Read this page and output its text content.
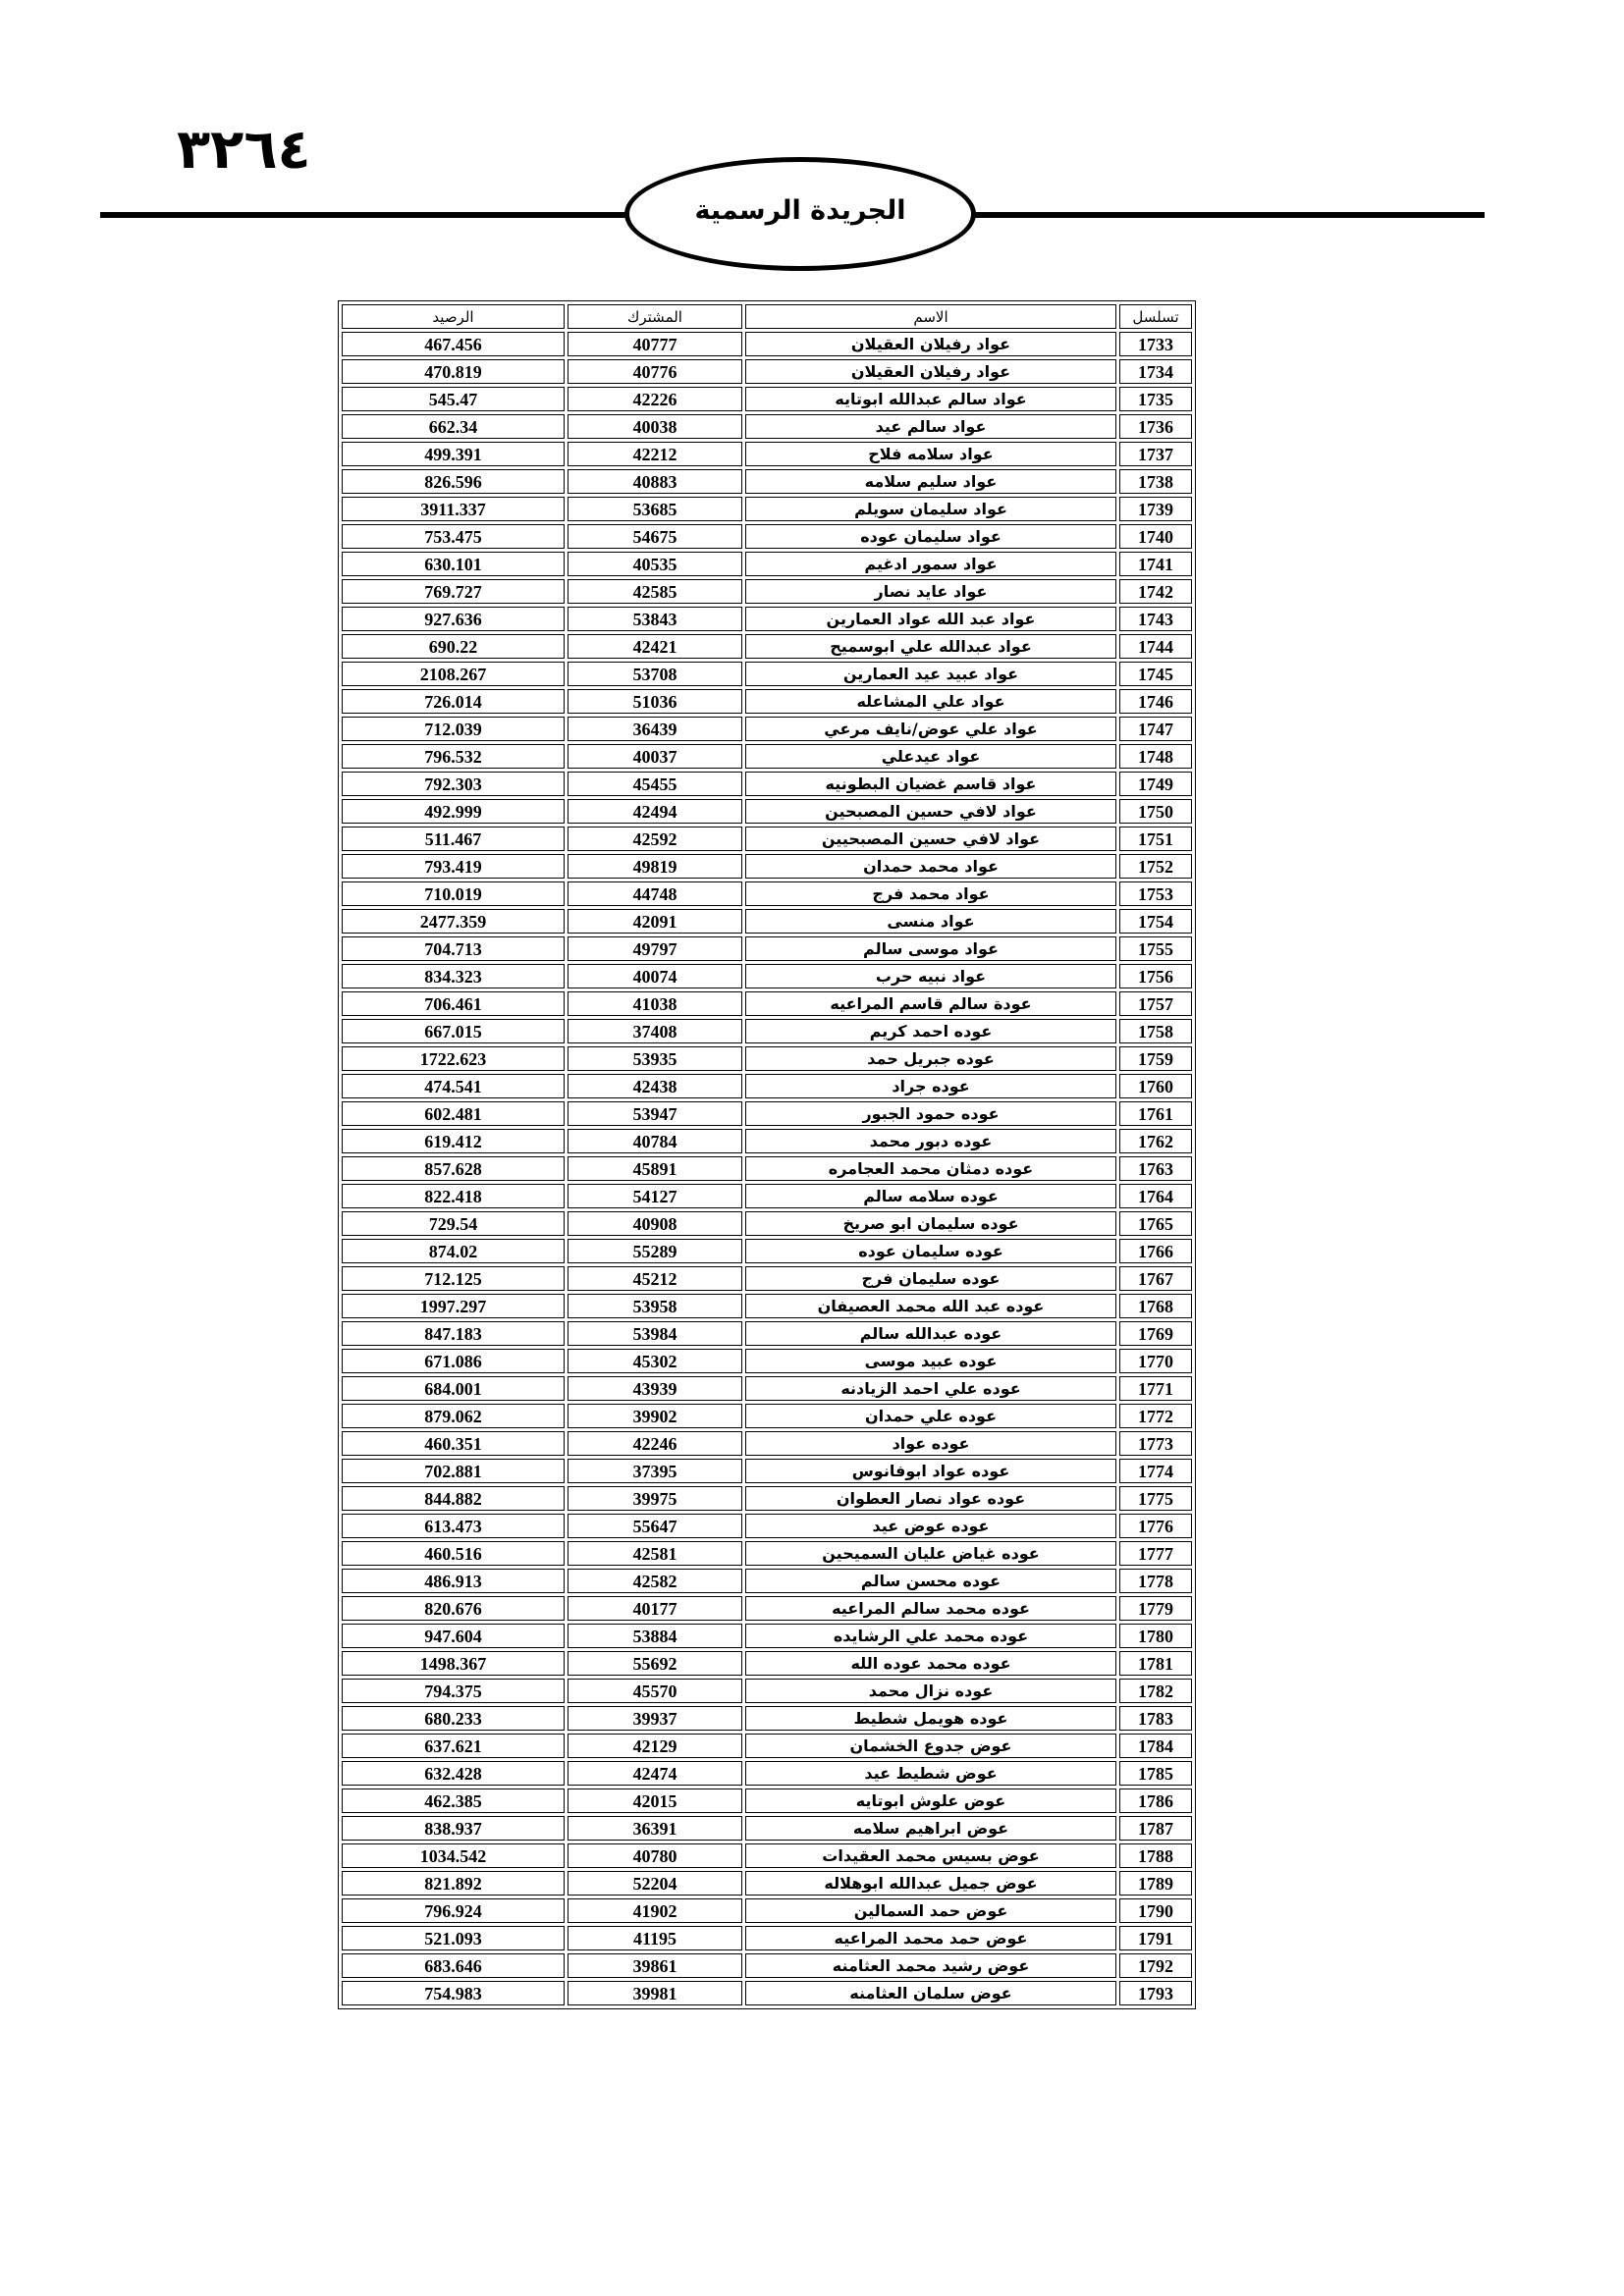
٣٢٦٤
الجريدة الرسمية
تسلسل	الاسم	المشترك	الرصيد
1733	عواد رفيلان العقيلان	40777	467.456
1734	عواد رفيلان العقيلان	40776	470.819
1735	عواد سالم عبدالله ابوتايه	42226	545.47
1736	عواد سالم عيد	40038	662.34
1737	عواد سلامه فلاح	42212	499.391
1738	عواد سليم سلامه	40883	826.596
1739	عواد سليمان سويلم	53685	3911.337
1740	عواد سليمان عوده	54675	753.475
1741	عواد سمور ادغيم	40535	630.101
1742	عواد عايد نصار	42585	769.727
1743	عواد عبد الله عواد العمارين	53843	927.636
1744	عواد عبدالله علي ابوسميح	42421	690.22
1745	عواد عبيد عيد العمارين	53708	2108.267
1746	عواد علي المشاعله	51036	726.014
1747	عواد علي عوض/نايف مرعي	36439	712.039
1748	عواد عيدعلي	40037	796.532
1749	عواد قاسم غضيان البطونيه	45455	792.303
1750	عواد لافي حسين المصبحين	42494	492.999
1751	عواد لافي حسين المصبحيين	42592	511.467
1752	عواد محمد حمدان	49819	793.419
1753	عواد محمد فرج	44748	710.019
1754	عواد منسى	42091	2477.359
1755	عواد موسى سالم	49797	704.713
1756	عواد نبيه حرب	40074	834.323
1757	عودة سالم قاسم المراعيه	41038	706.461
1758	عوده احمد كريم	37408	667.015
1759	عوده جبريل حمد	53935	1722.623
1760	عوده جراد	42438	474.541
1761	عوده حمود الجبور	53947	602.481
1762	عوده دبور محمد	40784	619.412
1763	عوده دمثان محمد العجامره	45891	857.628
1764	عوده سلامه سالم	54127	822.418
1765	عوده سليمان ابو صريخ	40908	729.54
1766	عوده سليمان عوده	55289	874.02
1767	عوده سليمان فرج	45212	712.125
1768	عوده عبد الله محمد العصيفان	53958	1997.297
1769	عوده عبدالله سالم	53984	847.183
1770	عوده عبيد موسى	45302	671.086
1771	عوده علي احمد الزيادنه	43939	684.001
1772	عوده علي حمدان	39902	879.062
1773	عوده عواد	42246	460.351
1774	عوده عواد ابوفانوس	37395	702.881
1775	عوده عواد نصار العطوان	39975	844.882
1776	عوده عوض عيد	55647	613.473
1777	عوده غياض عليان السميحين	42581	460.516
1778	عوده محسن سالم	42582	486.913
1779	عوده محمد سالم المراعيه	40177	820.676
1780	عوده محمد علي الرشايده	53884	947.604
1781	عوده محمد عوده الله	55692	1498.367
1782	عوده نزال محمد	45570	794.375
1783	عوده هويمل شطيط	39937	680.233
1784	عوض جدوع الخشمان	42129	637.621
1785	عوض شطيط عيد	42474	632.428
1786	عوض علوش ابوتايه	42015	462.385
1787	عوض ابراهيم سلامه	36391	838.937
1788	عوض بسيس محمد العقيدات	40780	1034.542
1789	عوض جميل عبدالله ابوهلاله	52204	821.892
1790	عوض حمد السمالين	41902	796.924
1791	عوض حمد محمد المراعيه	41195	521.093
1792	عوض رشيد محمد العثامنه	39861	683.646
1793	عوض سلمان العثامنه	39981	754.983
